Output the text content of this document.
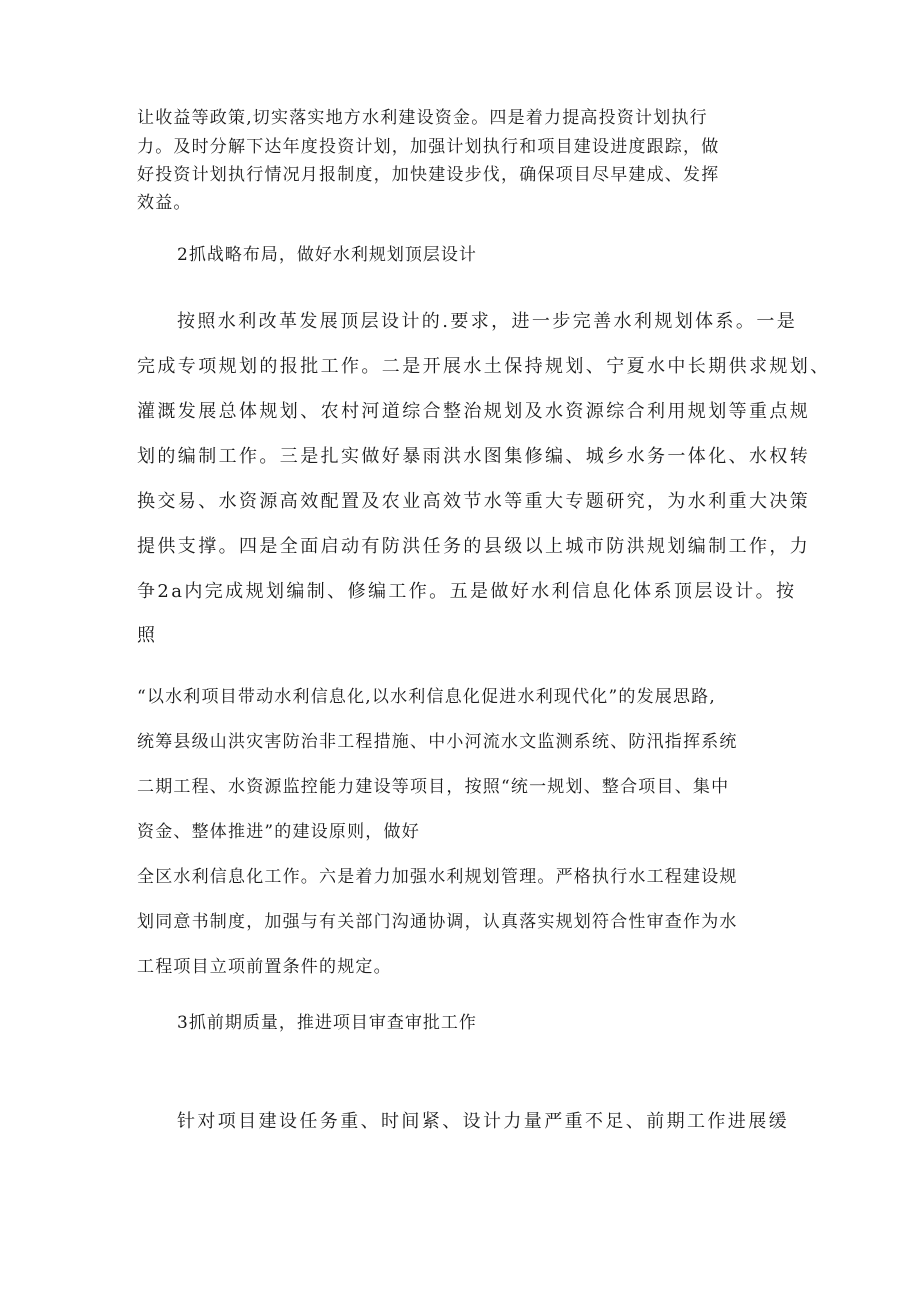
让收益等政策,切实落实地方水利建设资金。四是着力提高投资计划执行
力。及时分解下达年度投资计划，加强计划执行和项目建设进度跟踪，做
好投资计划执行情况月报制度，加快建设步伐，确保项目尽早建成、发挥
效益。
2抓战略布局，做好水利规划顶层设计
按照水利改革发展顶层设计的.要求，进一步完善水利规划体系。一是
完成专项规划的报批工作。二是开展水土保持规划、宁夏水中长期供求规划、
灌溉发展总体规划、农村河道综合整治规划及水资源综合利用规划等重点规
划的编制工作。三是扎实做好暴雨洪水图集修编、城乡水务一体化、水权转
换交易、水资源高效配置及农业高效节水等重大专题研究，为水利重大决策
提供支撑。四是全面启动有防洪任务的县级以上城市防洪规划编制工作，力
争2a内完成规划编制、修编工作。五是做好水利信息化体系顶层设计。按
照
“以水利项目带动水利信息化,以水利信息化促进水利现代化”的发展思路,
统筹县级山洪灾害防治非工程措施、中小河流水文监测系统、防汛指挥系统
二期工程、水资源监控能力建设等项目，按照“统一规划、整合项目、集中
资金、整体推进”的建设原则，做好
全区水利信息化工作。六是着力加强水利规划管理。严格执行水工程建设规
划同意书制度，加强与有关部门沟通协调，认真落实规划符合性审查作为水
工程项目立项前置条件的规定。
3抓前期质量，推进项目审查审批工作
针对项目建设任务重、时间紧、设计力量严重不足、前期工作进展缓
